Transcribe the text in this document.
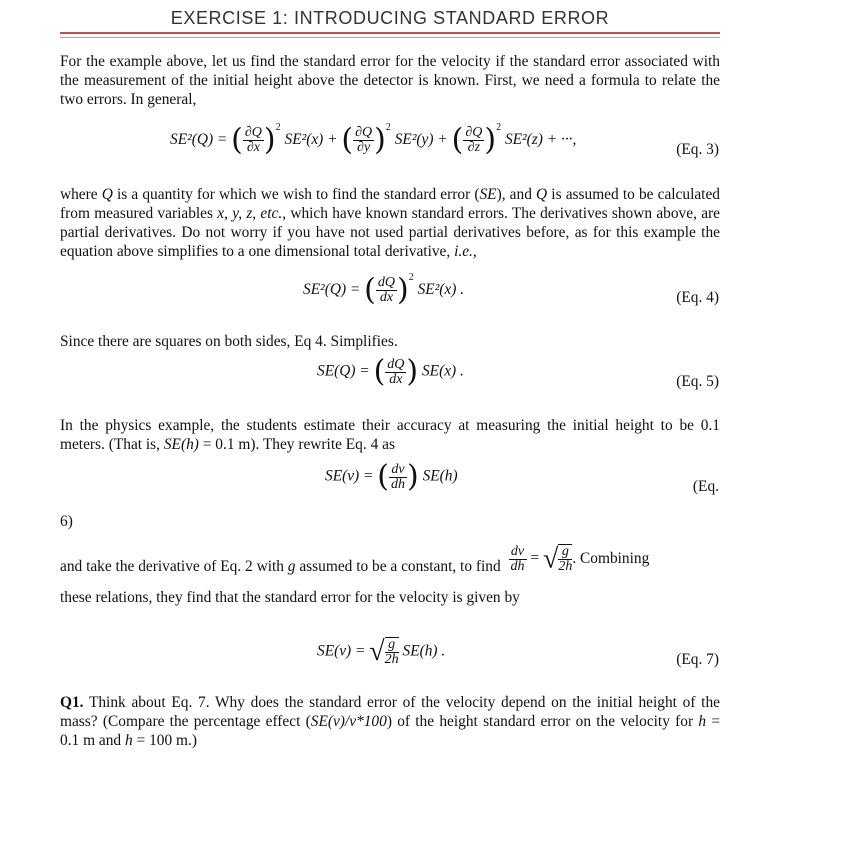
EXERCISE 1: INTRODUCING STANDARD ERROR

For the example above, let us find the standard error for the velocity if the standard error associated with the measurement of the initial height above the detector is known. First, we need a formula to relate the two errors. In general,

SE²(Q) = ( $\frac{\partial Q}{\partial x} )^2$ SE²(x) + ( $\frac{\partial Q}{\partial y} )^2$ SE²(y) + ( $\frac{\partial Q}{\partial z} )^2$ SE²(z) + ···,
(Eq. 3)

where Q is a quantity for which we wish to find the standard error (SE), and Q is assumed to be calculated from measured variables x, y, z, etc., which have known standard errors. The derivatives shown above, are partial derivatives. Do not worry if you have not used partial derivatives before, as for this example the equation above simplifies to a one dimensional total derivative, i.e.,

SE²(Q) = ( $\frac{dQ}{dx} )^2$ SE²(x) .	(Eq. 4)

Since there are squares on both sides, Eq 4. Simplifies.

SE(Q) = ( $\frac{dQ}{dx}$ ) SE(x) .
(Eq. 5)

In the physics example, the students estimate their accuracy at measuring the initial height to be 0.1 meters. (That is, SE(h) = 0.1 m). They rewrite Eq. 4 as

SE(v) = ( $\frac{dv}{dh}$ ) SE(h)
(Eq.
6)
and take the derivative of Eq. 2 with g assumed to be a constant, to find $\frac{dv}{dh}$ = √ $\frac{g}{2h}$ . Combining

these relations, they find that the standard error for the velocity is given by

SE(v) = √ $\frac{g}{2h} SE(h)$ .	(Eq. 7)

Q1. Think about Eq. 7. Why does the standard error of the velocity depend on the initial height of the mass? (Compare the percentage effect (SE(v)/v*100) of the height standard error on the velocity for h = 0.1 m and h = 100 m.)
